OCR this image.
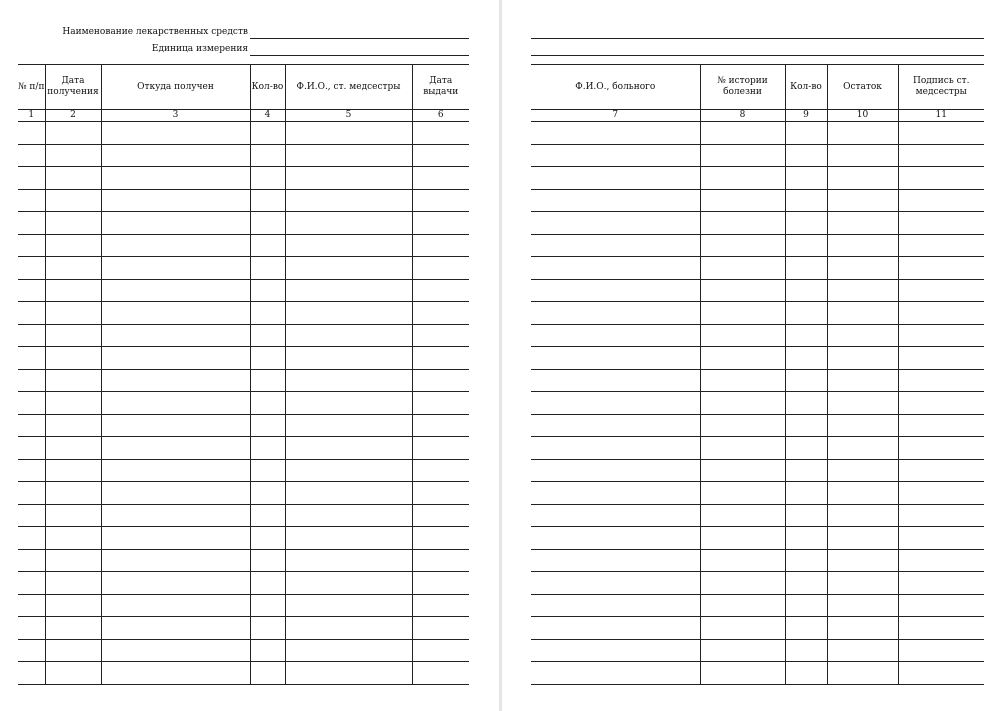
Наименование лекарственных средств
Единица измерения
№ п/п	Дата получения	Откуда получен	Кол-во	Ф.И.О., ст. медсестры	Дата выдачи
1	2	3	4	5	6

Ф.И.О., больного	№ истории болезни	Кол-во	Остаток	Подпись ст. медсестры
7	8	9	10	11
